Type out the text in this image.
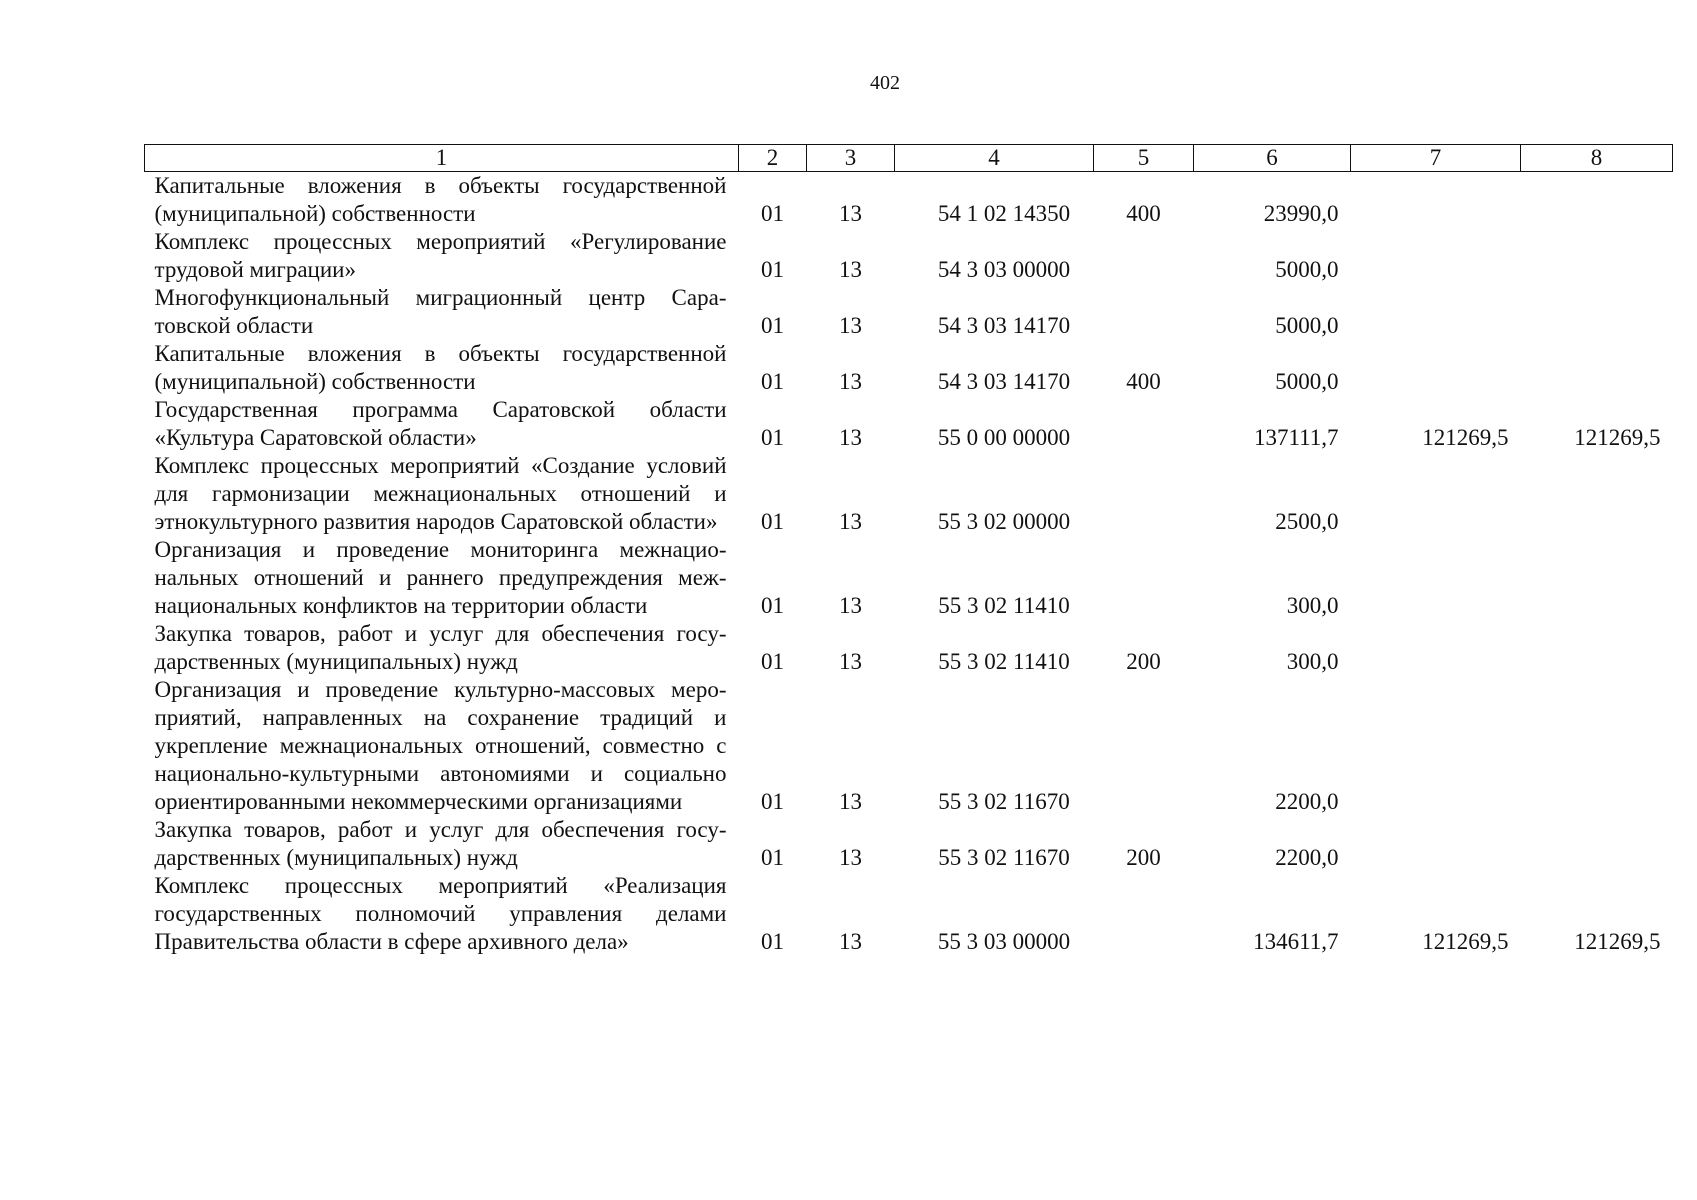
402
1	2	3	4	5	6	7	8
Капитальные вложения в объекты государственной (муниципальной) собственности	01	13	54 1 02 14350	400	23990,0		
Комплекс процессных мероприятий «Регулирование трудовой миграции»	01	13	54 3 03 00000		5000,0		
Многофункциональный миграционный центр Саратовской области	01	13	54 3 03 14170		5000,0		
Капитальные вложения в объекты государственной (муниципальной) собственности	01	13	54 3 03 14170	400	5000,0		
Государственная программа Саратовской области «Культура Саратовской области»	01	13	55 0 00 00000		137111,7	121269,5	121269,5
Комплекс процессных мероприятий «Создание условий для гармонизации межнациональных отношений и этнокультурного развития народов Саратовской области»	01	13	55 3 02 00000		2500,0		
Организация и проведение мониторинга межнациональных отношений и раннего предупреждения межнациональных конфликтов на территории области	01	13	55 3 02 11410		300,0		
Закупка товаров, работ и услуг для обеспечения государственных (муниципальных) нужд	01	13	55 3 02 11410	200	300,0		
Организация и проведение культурно-массовых мероприятий, направленных на сохранение традиций и укрепление межнациональных отношений, совместно с национально-культурными автономиями и социально ориентированными некоммерческими организациями	01	13	55 3 02 11670		2200,0		
Закупка товаров, работ и услуг для обеспечения государственных (муниципальных) нужд	01	13	55 3 02 11670	200	2200,0		
Комплекс процессных мероприятий «Реализация государственных полномочий управления делами Правительства области в сфере архивного дела»	01	13	55 3 03 00000		134611,7	121269,5	121269,5
